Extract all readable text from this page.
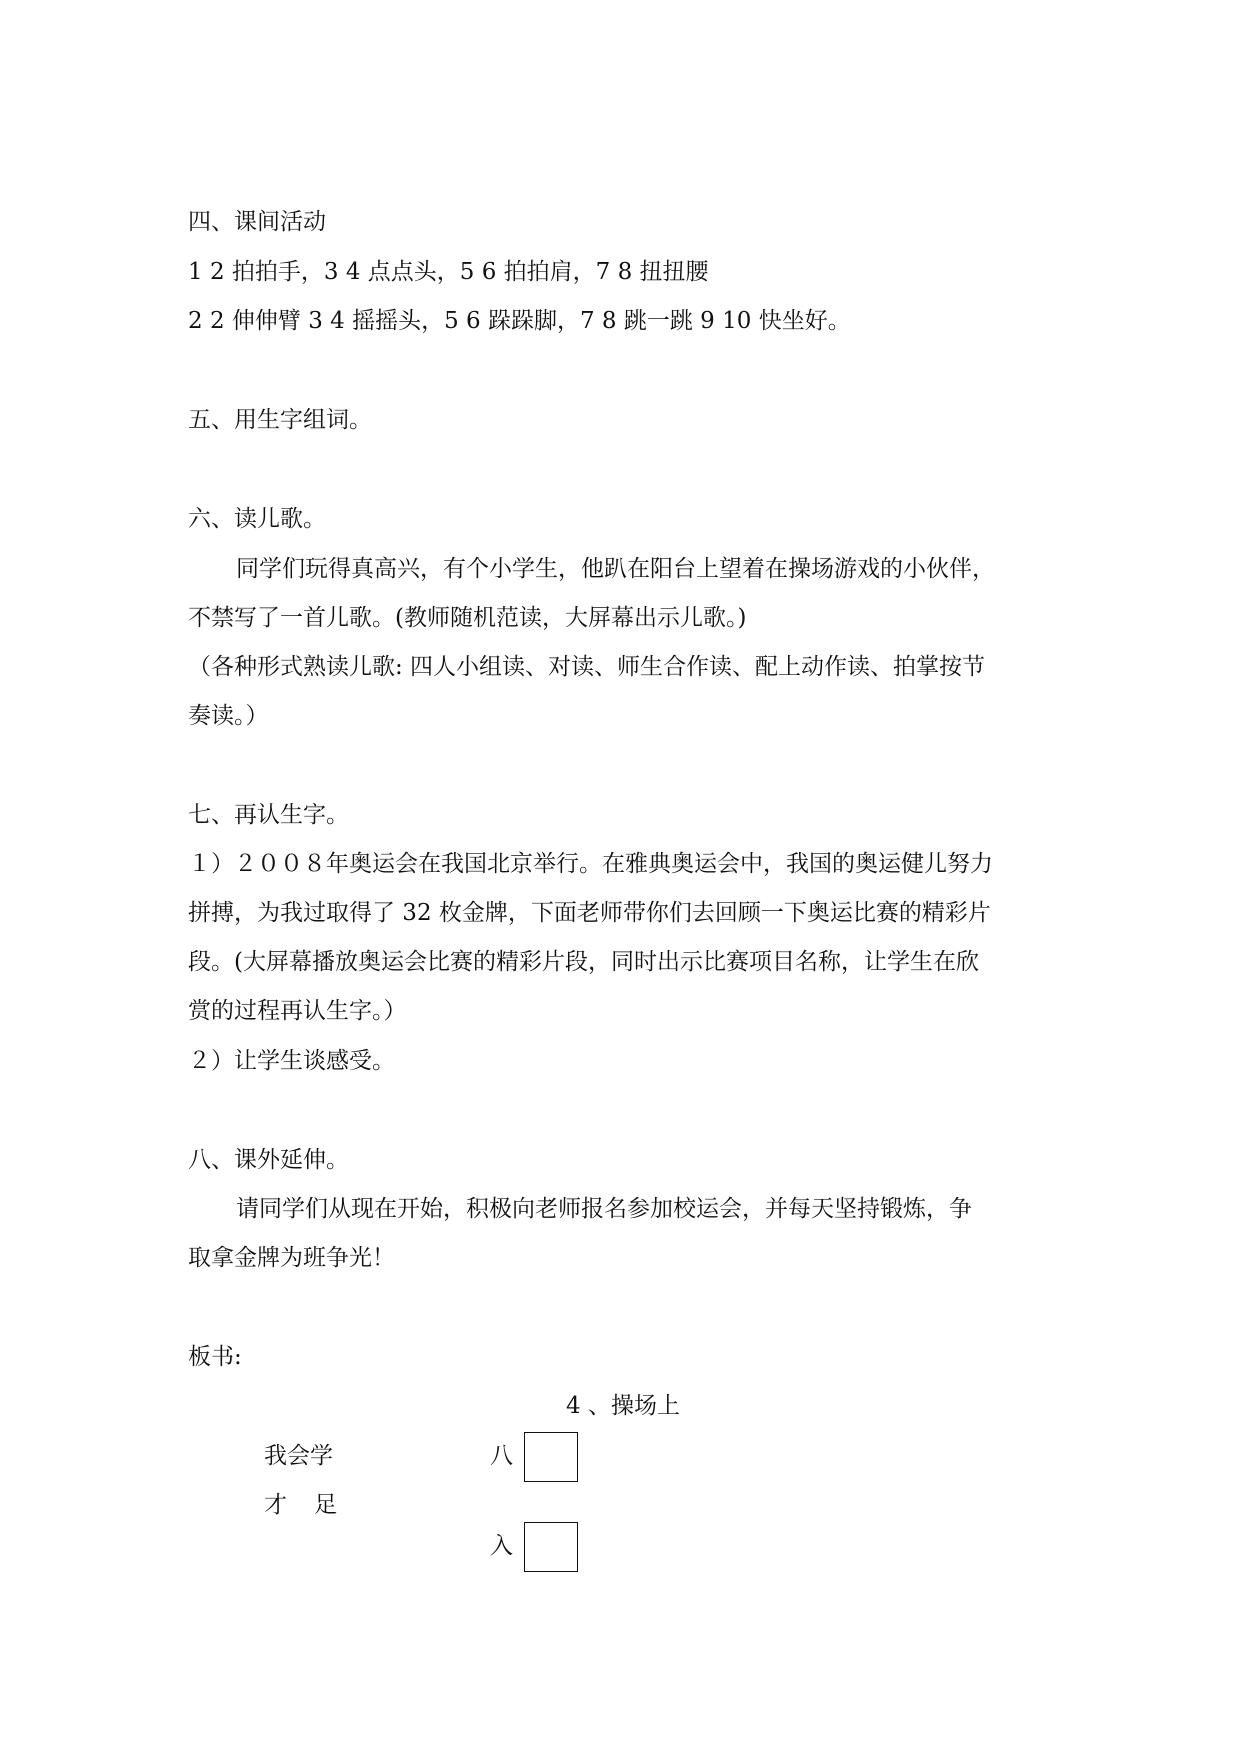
四、课间活动
1 2 拍拍手，3 4 点点头，5 6 拍拍肩，7 8 扭扭腰
2 2 伸伸臂 3 4 摇摇头，5 6 跺跺脚，7 8 跳一跳 9 10 快坐好。
五、用生字组词。
六、读儿歌。
同学们玩得真高兴，有个小学生，他趴在阳台上望着在操场游戏的小伙伴，
不禁写了一首儿歌。(教师随机范读，大屏幕出示儿歌。)
（各种形式熟读儿歌: 四人小组读、对读、师生合作读、配上动作读、拍掌按节
奏读。）
七、再认生字。
１）２００８年奥运会在我国北京举行。在雅典奥运会中，我国的奥运健儿努力
拼搏，为我过取得了 32 枚金牌，下面老师带你们去回顾一下奥运比赛的精彩片
段。(大屏幕播放奥运会比赛的精彩片段，同时出示比赛项目名称，让学生在欣
赏的过程再认生字。）
２）让学生谈感受。
八、课外延伸。
请同学们从现在开始，积极向老师报名参加校运会，并每天坚持锻炼，争
取拿金牌为班争光！
板书:
4 、操场上
我会学
才	足
八
入
